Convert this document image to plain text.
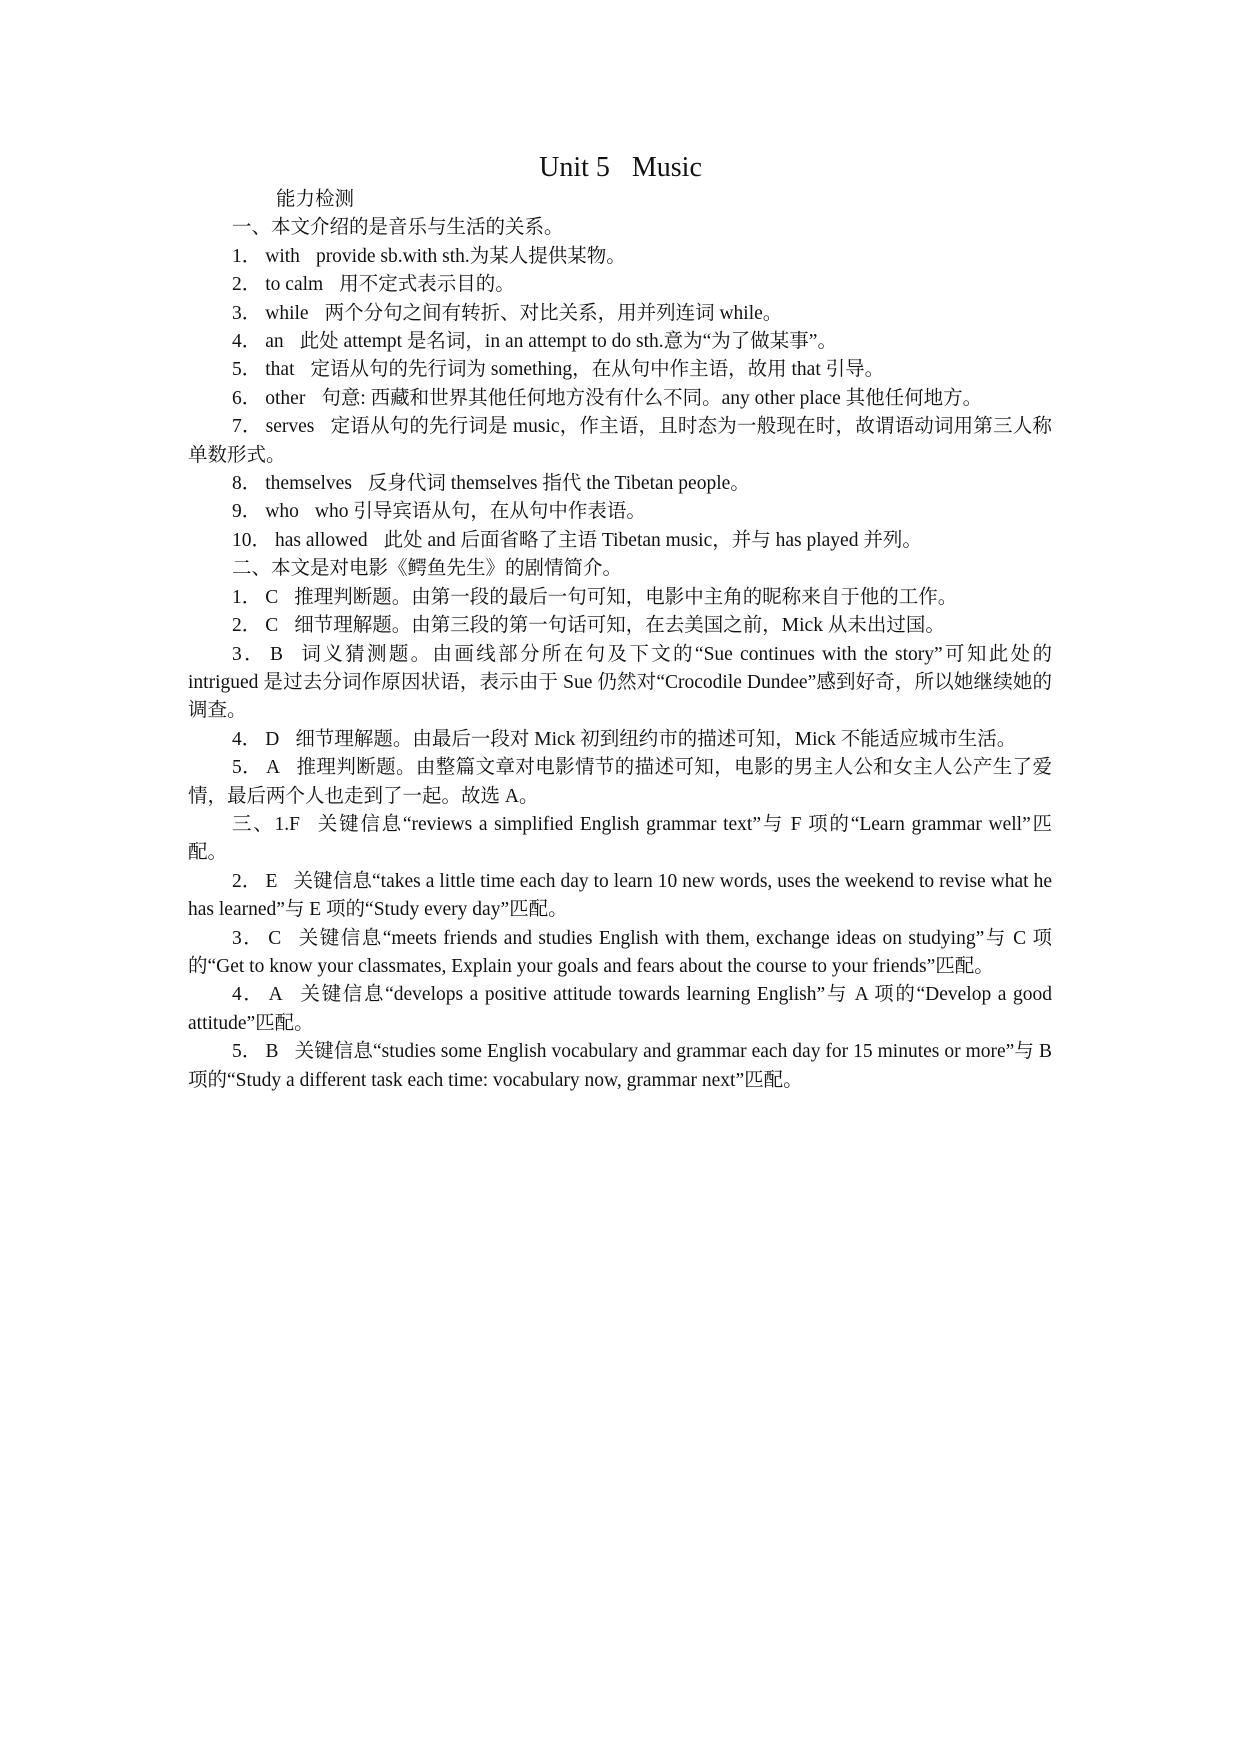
Unit 5 Music

能力检测

一、本文介绍的是音乐与生活的关系。

1． with provide sb.with sth.为某人提供某物。

2． to calm 用不定式表示目的。

3． while 两个分句之间有转折、对比关系，用并列连词 while。

4． an 此处 attempt 是名词，in an attempt to do sth.意为“为了做某事”。

5． that 定语从句的先行词为 something，在从句中作主语，故用 that 引导。

6． other 句意: 西藏和世界其他任何地方没有什么不同。any other place 其他任何地方。

7． serves 定语从句的先行词是 music，作主语，且时态为一般现在时，故谓语动词用第三人称单数形式。

8． themselves 反身代词 themselves 指代 the Tibetan people。

9． who who 引导宾语从句，在从句中作表语。

10． has allowed 此处 and 后面省略了主语 Tibetan music，并与 has played 并列。

二、本文是对电影《鳄鱼先生》的剧情简介。

1． C 推理判断题。由第一段的最后一句可知，电影中主角的昵称来自于他的工作。

2． C 细节理解题。由第三段的第一句话可知，在去美国之前，Mick 从未出过国。

3． B 词义猜测题。由画线部分所在句及下文的“Sue continues with the story”可知此处的 intrigued 是过去分词作原因状语，表示由于 Sue 仍然对“Crocodile Dundee”感到好奇，所以她继续她的调查。

4． D 细节理解题。由最后一段对 Mick 初到纽约市的描述可知，Mick 不能适应城市生活。

5． A 推理判断题。由整篇文章对电影情节的描述可知，电影的男主人公和女主人公产生了爱情，最后两个人也走到了一起。故选 A。

三、1.F 关键信息“reviews a simplified English grammar text”与 F 项的“Learn grammar well”匹配。

2． E 关键信息“takes a little time each day to learn 10 new words, uses the weekend to revise what he has learned”与 E 项的“Study every day”匹配。

3． C 关键信息“meets friends and studies English with them, exchange ideas on studying”与 C 项的“Get to know your classmates, Explain your goals and fears about the course to your friends”匹配。

4． A 关键信息“develops a positive attitude towards learning English”与 A 项的“Develop a good attitude”匹配。

5． B 关键信息“studies some English vocabulary and grammar each day for 15 minutes or more”与 B 项的“Study a different task each time: vocabulary now, grammar next”匹配。
